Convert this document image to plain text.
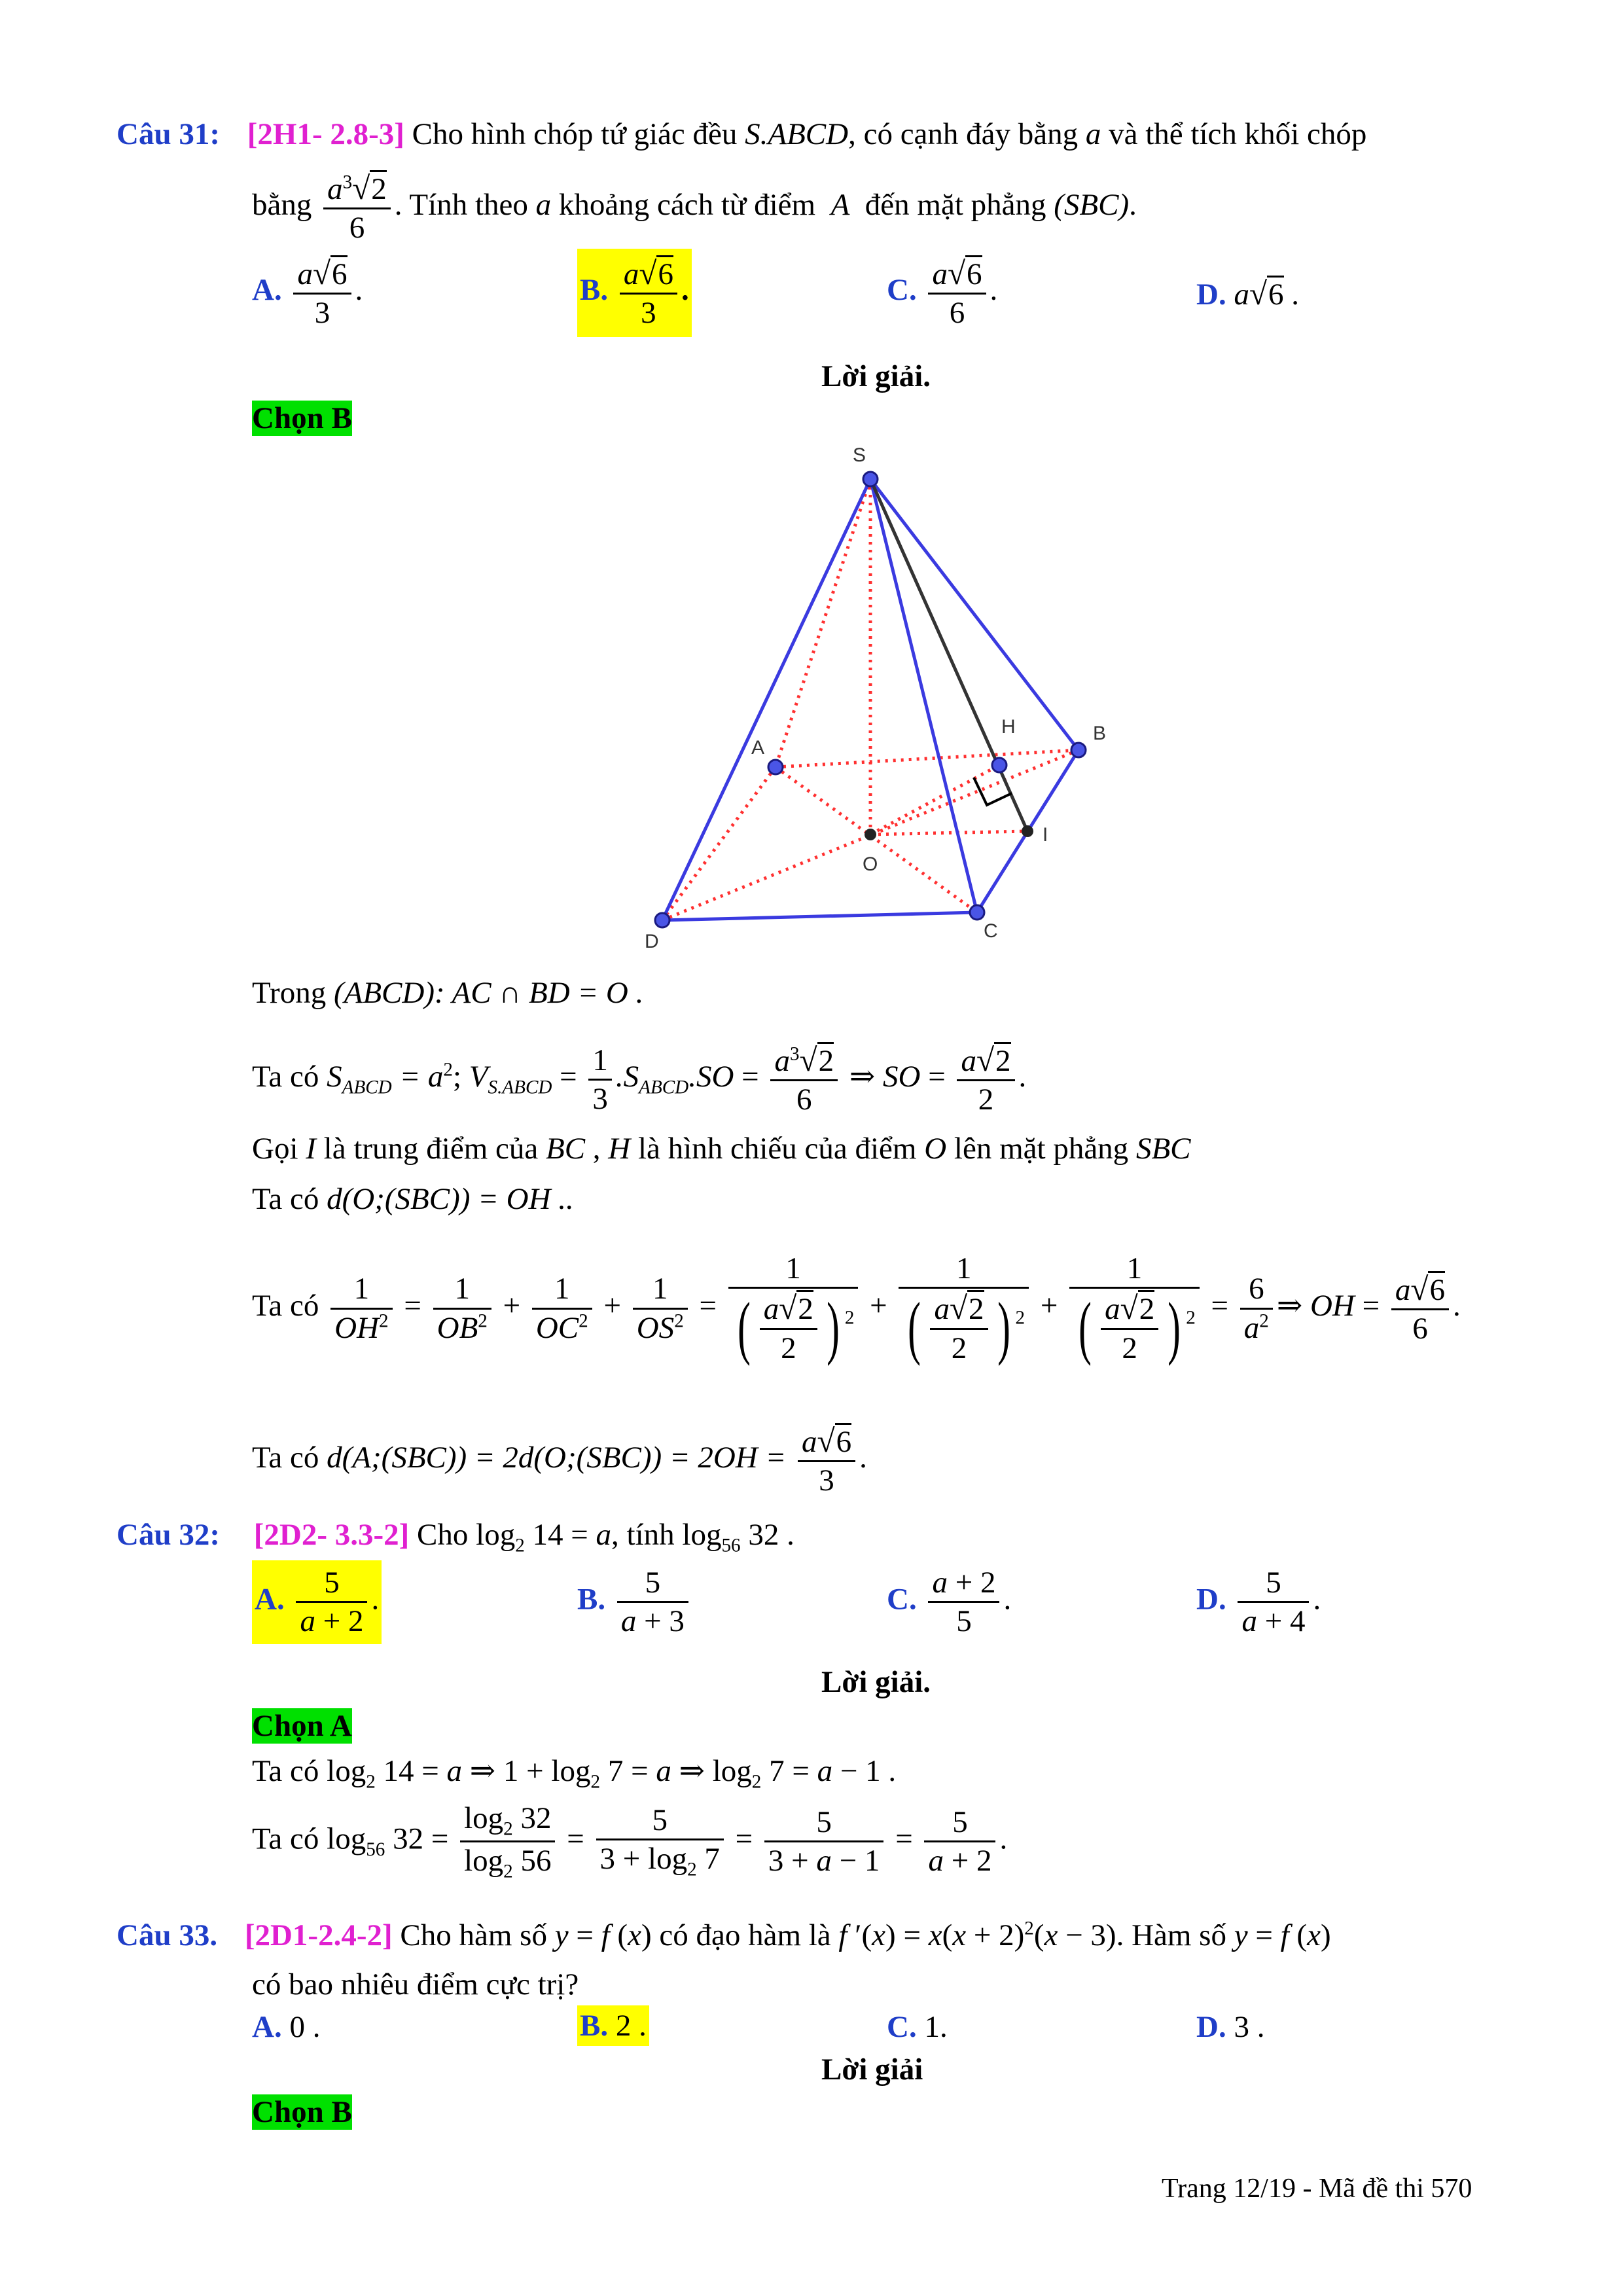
Câu 31: [2H1- 2.8-3] Cho hình chóp tứ giác đều S.ABCD, có cạnh đáy bằng a và thể tích khối chóp
bằng $\frac{a^3√2}{6}$ . Tính theo a khoảng cách từ điểm A đến mặt phẳng (SBC).
A. $\frac{a√6}{3}$ .	B. $\frac{a√6}{3}$ .	C. $\frac{a√6}{6}$ .	D. a√6 .
Lời giải.
Chọn B
S
A
B
C
D
H
I
O
Trong (ABCD): AC ∩ BD = O .
Ta có $S_{ABCD} = a^2$; $V_{S.ABCD} = \frac{1}{3} .S_{ABCD}.SO = \frac{a^3√2}{6}$ ⇒ SO = $\frac{a√2}{2}$ .
Gọi I là trung điểm của BC , H là hình chiếu của điểm O lên mặt phẳng SBC
Ta có d(O;(SBC)) = OH ..
Ta có $\frac{1}{OH^2} = \frac{1}{OB^2} + \frac{1}{OC^2} + \frac{1}{OS^2} = \frac{1}{( \frac{a√2}{2} ) ^2} + \frac{1}{( \frac{a√2}{2} ) ^2} + \frac{1}{( \frac{a√2}{2} ) ^2} = \frac{6}{a^2}$ ⇒ OH = $\frac{a√6}{6}$ .
Ta có d(A;(SBC)) = 2d(O;(SBC)) = $2OH = \frac{a√6}{3}$ .
Câu 32: [2D2- 3.3-2] Cho $\log_2 14 = a$, tính $\log_{56} 32$ .
A. $\frac{5}{a + 2}$ .	B. $\frac{5}{a + 3}$	C. $\frac{a + 2}{5}$ .	D. $\frac{5}{a + 4}$ .
Lời giải.
Chọn A
Ta có $\log_2 14 = a$ ⇒ $1 + \log_2 7 = a$ ⇒ $\log_2 7 = a - 1$ .
Ta có $\log_{56} 32 = \frac{\log_2 32}{\log_2 56} = \frac{5}{3 + \log_2 7} = \frac{5}{3 + a - 1} = \frac{5}{a + 2}$ .
Câu 33. [2D1-2.4-2] Cho hàm số y = f (x) có đạo hàm là f $'(x) = x(x + 2)^2(x - 3)$. Hàm số y = f (x)
có bao nhiêu điểm cực trị?
A. 0 .	B. 2 .	C. 1.	D. 3 .
Lời giải
Chọn B
Trang 12/19 - Mã đề thi 570
